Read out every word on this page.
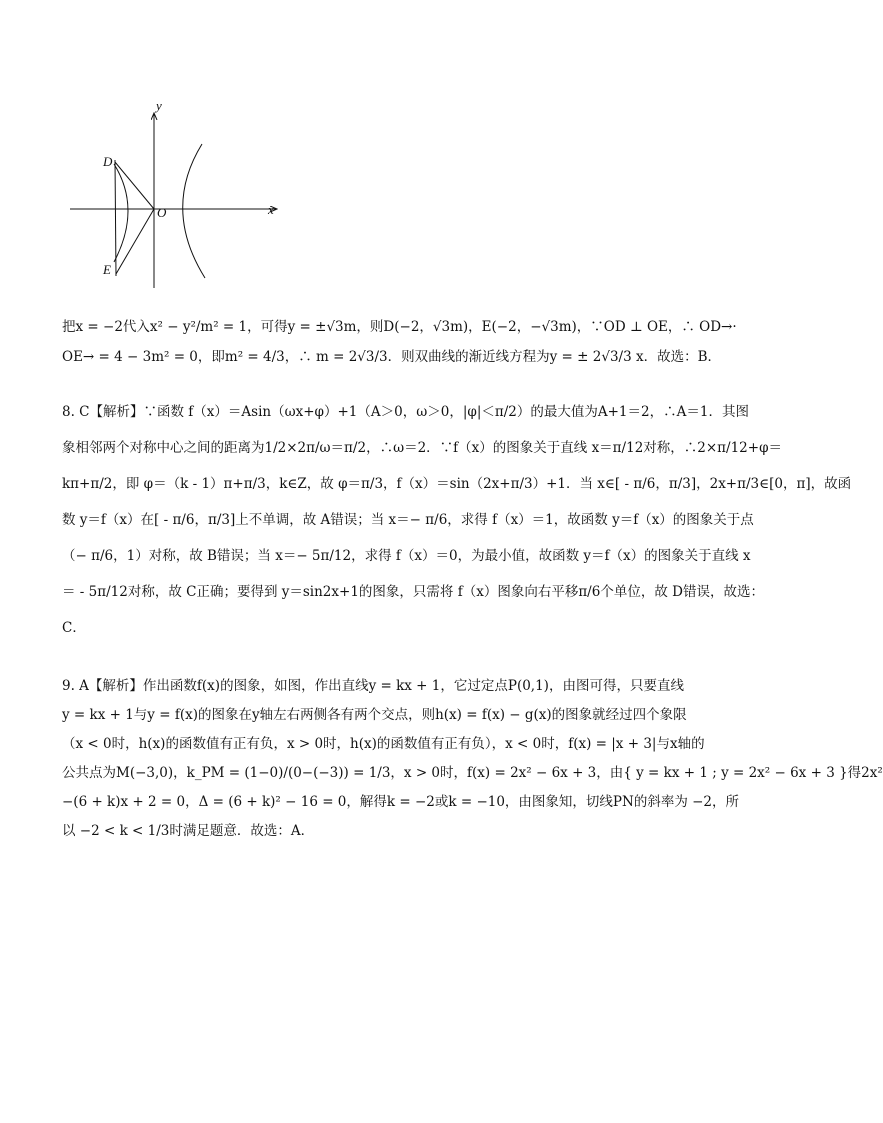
y
x
O
D
E
把x = −2代入x² − y²/m² = 1，可得y = ±√3m，则D(−2，√3m)，E(−2，−√3m)，∵OD ⊥ OE，∴ OD→·
OE→ = 4 − 3m² = 0，即m² = 4/3，∴ m = 2√3/3．则双曲线的渐近线方程为y = ± 2√3/3 x．故选：B．
8. C【解析】∵函数 f（x）＝Asin（ωx+φ）+1（A＞0，ω＞0，|φ|＜π/2）的最大值为A+1＝2，∴A＝1．其图
象相邻两个对称中心之间的距离为1/2×2π/ω＝π/2，∴ω＝2．∵f（x）的图象关于直线 x＝π/12对称，∴2×π/12+φ＝
kπ+π/2，即 φ＝（k - 1）π+π/3，k∈Z，故 φ＝π/3，f（x）＝sin（2x+π/3）+1．当 x∈[ - π/6，π/3]，2x+π/3∈[0，π]，故函
数 y＝f（x）在[ - π/6，π/3]上不单调，故 A错误；当 x＝− π/6，求得 f（x）＝1，故函数 y＝f（x）的图象关于点
（− π/6，1）对称，故 B错误；当 x＝− 5π/12，求得 f（x）＝0，为最小值，故函数 y＝f（x）的图象关于直线 x
＝ - 5π/12对称，故 C正确；要得到 y＝sin2x+1的图象，只需将 f（x）图象向右平移π/6个单位，故 D错误，故选：
C．
9. A【解析】作出函数f(x)的图象，如图，作出直线y = kx + 1，它过定点P(0,1)，由图可得，只要直线
y = kx + 1与y = f(x)的图象在y轴左右两侧各有两个交点，则h(x) = f(x) − g(x)的图象就经过四个象限
（x < 0时，h(x)的函数值有正有负，x > 0时，h(x)的函数值有正有负），x < 0时，f(x) = |x + 3|与x轴的
公共点为M(−3,0)，k_PM = (1−0)/(0−(−3)) = 1/3，x > 0时，f(x) = 2x² − 6x + 3，由{ y = kx + 1 ; y = 2x² − 6x + 3 }得2x²
−(6 + k)x + 2 = 0，Δ = (6 + k)² − 16 = 0，解得k = −2或k = −10，由图象知，切线PN的斜率为 −2，所
以 −2 < k < 1/3时满足题意．故选：A．
